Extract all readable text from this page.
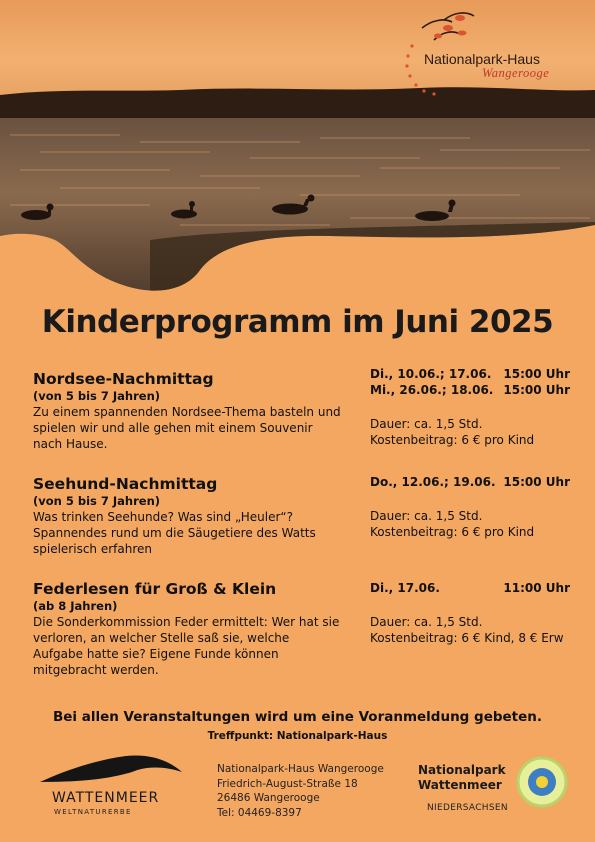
Nationalpark-Haus
Wangerooge
Kinderprogramm im Juni 2025

Nordsee-Nachmittag

(von 5 bis 7 Jahren)

Zu einem spannenden Nordsee-Thema basteln und spielen wir und alle gehen mit einem Souvenir nach Hause.

Di., 10.06.; 17.06. 15:00 Uhr
Mi., 26.06.; 18.06. 15:00 Uhr
Dauer: ca. 1,5 Std.
Kostenbeitrag: 6 € pro Kind

Seehund-Nachmittag

(von 5 bis 7 Jahren)

Was trinken Seehunde? Was sind „Heuler“? Spannendes rund um die Säugetiere des Watts spielerisch erfahren

Do., 12.06.; 19.06. 15:00 Uhr
Dauer: ca. 1,5 Std.
Kostenbeitrag: 6 € pro Kind

Federlesen für Groß & Klein

(ab 8 Jahren)

Die Sonderkommission Feder ermittelt: Wer hat sie verloren, an welcher Stelle saß sie, welche Aufgabe hatte sie? Eigene Funde können mitgebracht werden.

Di., 17.06.	11:00 Uhr
Dauer: ca. 1,5 Std.
Kostenbeitrag: 6 € Kind, 8 € Erw
Bei allen Veranstaltungen wird um eine Voranmeldung gebeten.
Treffpunkt: Nationalpark-Haus
WATTENMEER
WELTNATURERBE
Nationalpark-Haus Wangerooge
Friedrich-August-Straße 18
26486 Wangerooge
Tel: 04469-8397
Nationalpark
Wattenmeer
NIEDERSACHSEN
